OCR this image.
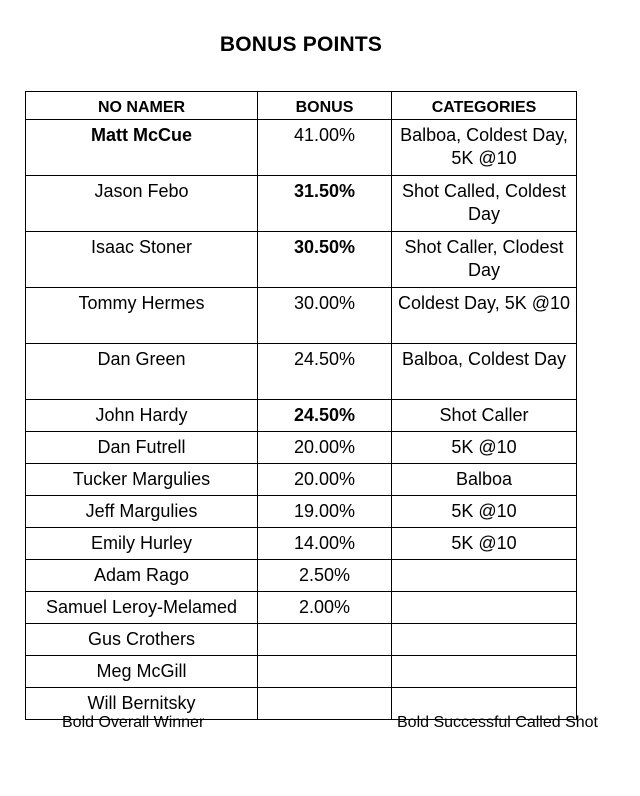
BONUS POINTS
NO NAMER	BONUS	CATEGORIES
Matt McCue	41.00%	Balboa, Coldest Day, 5K @10
Jason Febo	31.50%	Shot Called, Coldest Day
Isaac Stoner	30.50%	Shot Caller, Clodest Day
Tommy Hermes	30.00%	Coldest Day, 5K @10
Dan Green	24.50%	Balboa, Coldest Day
John Hardy	24.50%	Shot Caller
Dan Futrell	20.00%	5K @10
Tucker Margulies	20.00%	Balboa
Jeff Margulies	19.00%	5K @10
Emily Hurley	14.00%	5K @10
Adam Rago	2.50%	
Samuel Leroy-Melamed	2.00%	
Gus Crothers		
Meg McGill		
Will Bernitsky		
Bold Overall Winner	Bold Successful Called Shot
